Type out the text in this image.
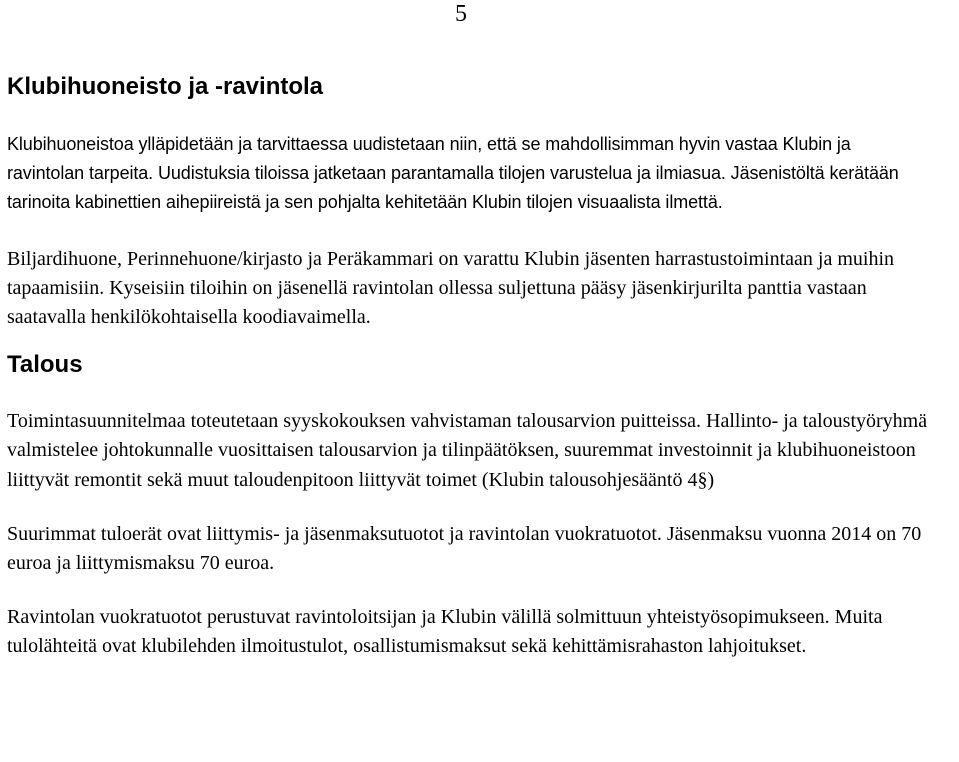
5
Klubihuoneisto ja -ravintola

Klubihuoneistoa ylläpidetään ja tarvittaessa uudistetaan niin, että se mahdollisimman hyvin vastaa Klubin ja ravintolan tarpeita. Uudistuksia tiloissa jatketaan parantamalla tilojen varustelua ja ilmiasua. Jäsenistöltä kerätään tarinoita kabinettien aihepiireistä ja sen pohjalta kehitetään Klubin tilojen visuaalista ilmettä.

Biljardihuone, Perinnehuone/kirjasto ja Peräkammari on varattu Klubin jäsenten harrastustoimintaan ja muihin tapaamisiin. Kyseisiin tiloihin on jäsenellä ravintolan ollessa suljettuna pääsy jäsenkirjurilta panttia vastaan saatavalla henkilökohtaisella koodiavaimella.

Talous

Toimintasuunnitelmaa toteutetaan syyskokouksen vahvistaman talousarvion puitteissa. Hallinto- ja taloustyöryhmä valmistelee johtokunnalle vuosittaisen talousarvion ja tilinpäätöksen, suuremmat investoinnit ja klubihuoneistoon liittyvät remontit sekä muut taloudenpitoon liittyvät toimet (Klubin talousohjesääntö 4§)

Suurimmat tuloerät ovat liittymis- ja jäsenmaksutuotot ja ravintolan vuokratuotot. Jäsenmaksu vuonna 2014 on 70 euroa ja liittymismaksu 70 euroa.

Ravintolan vuokratuotot perustuvat ravintoloitsijan ja Klubin välillä solmittuun yhteistyösopimukseen. Muita tulolähteitä ovat klubilehden ilmoitustulot, osallistumismaksut sekä kehittämisrahaston lahjoitukset.
